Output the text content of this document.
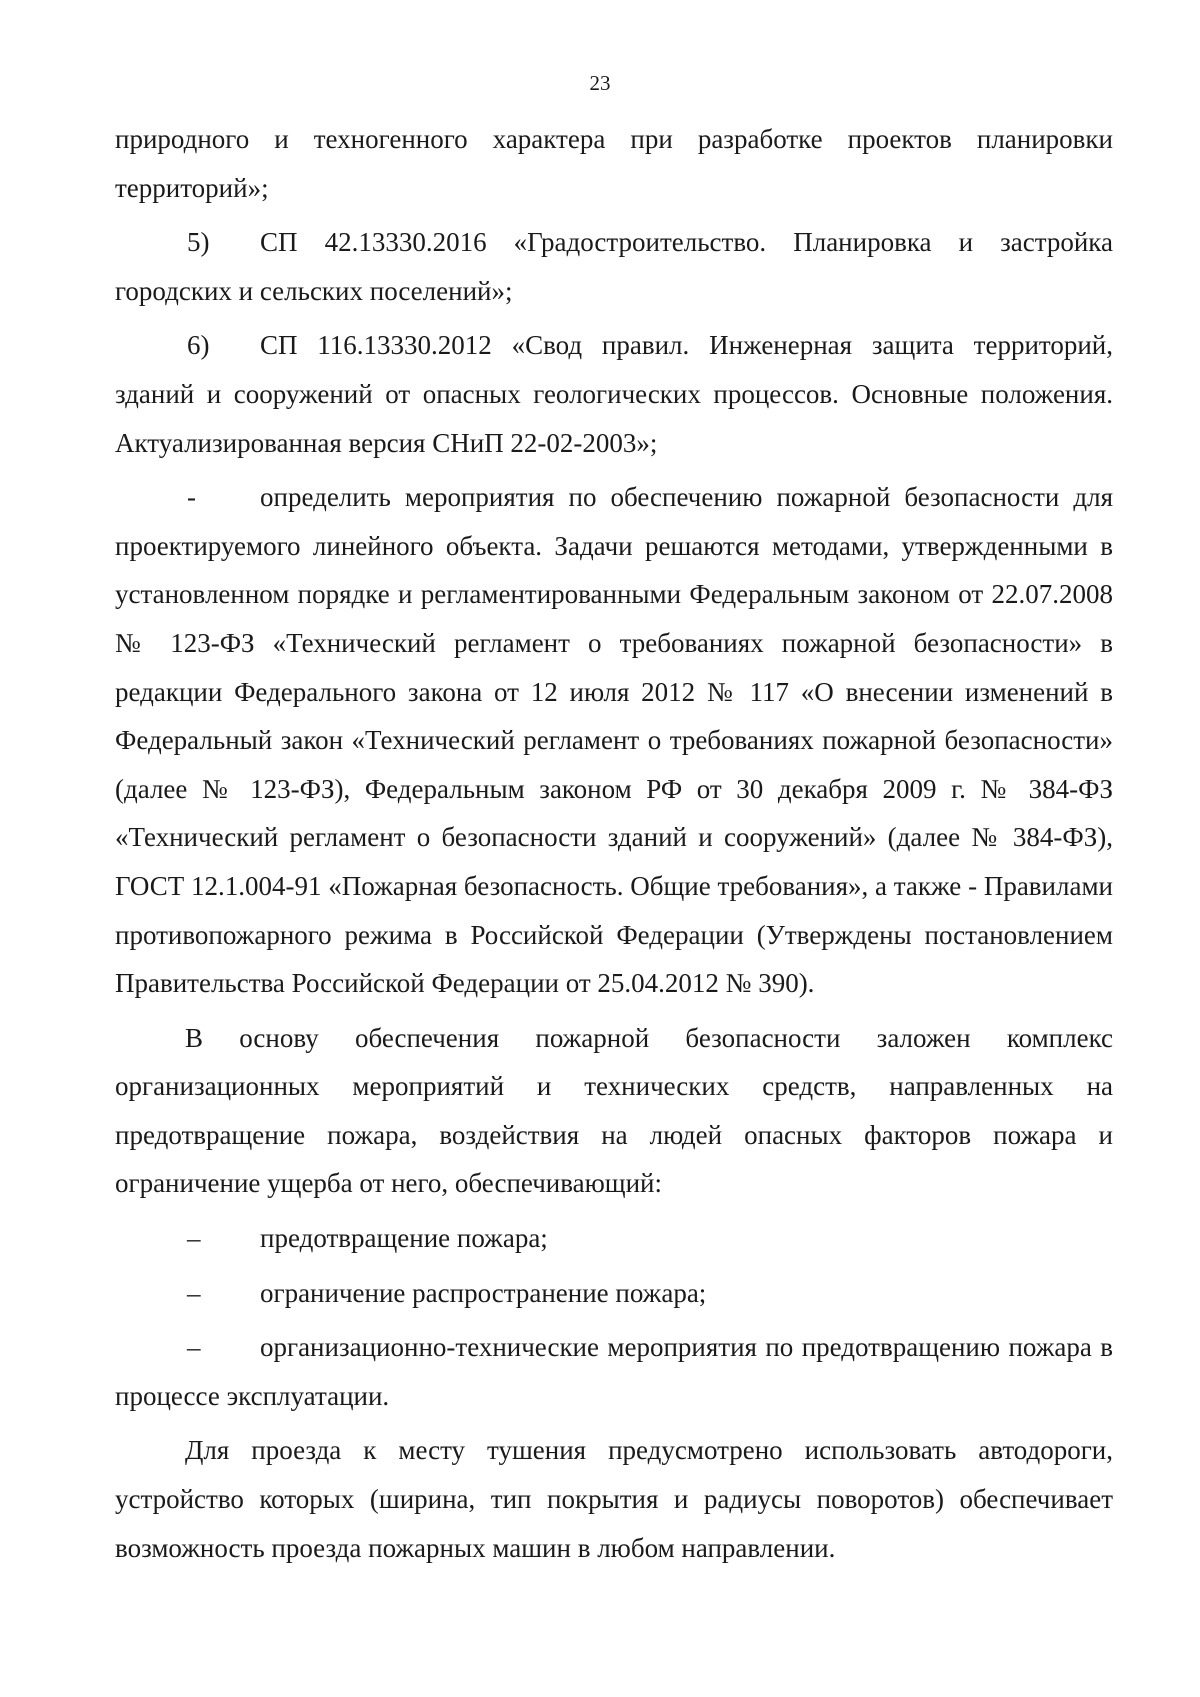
23

природного и техногенного характера при разработке проектов планировки территорий»;

5) СП 42.13330.2016 «Градостроительство. Планировка и застройка городских и сельских поселений»;

6) СП 116.13330.2012 «Свод правил. Инженерная защита территорий, зданий и сооружений от опасных геологических процессов. Основные положения. Актуализированная версия СНиП 22-02-2003»;

- определить мероприятия по обеспечению пожарной безопасности для проектируемого линейного объекта. Задачи решаются методами, утвержденными в установленном порядке и регламентированными Федеральным законом от 22.07.2008 № 123-ФЗ «Технический регламент о требованиях пожарной безопасности» в редакции Федерального закона от 12 июля 2012 № 117 «О внесении изменений в Федеральный закон «Технический регламент о требованиях пожарной безопасности» (далее № 123-ФЗ), Федеральным законом РФ от 30 декабря 2009 г. № 384-ФЗ «Технический регламент о безопасности зданий и сооружений» (далее № 384-ФЗ), ГОСТ 12.1.004-91 «Пожарная безопасность. Общие требования», а также - Правилами противопожарного режима в Российской Федерации (Утверждены постановлением Правительства Российской Федерации от 25.04.2012 № 390).

В основу обеспечения пожарной безопасности заложен комплекс организационных мероприятий и технических средств, направленных на предотвращение пожара, воздействия на людей опасных факторов пожара и ограничение ущерба от него, обеспечивающий:

– предотвращение пожара;

– ограничение распространение пожара;

– организационно-технические мероприятия по предотвращению пожара в процессе эксплуатации.

Для проезда к месту тушения предусмотрено использовать автодороги, устройство которых (ширина, тип покрытия и радиусы поворотов) обеспечивает возможность проезда пожарных машин в любом направлении.
